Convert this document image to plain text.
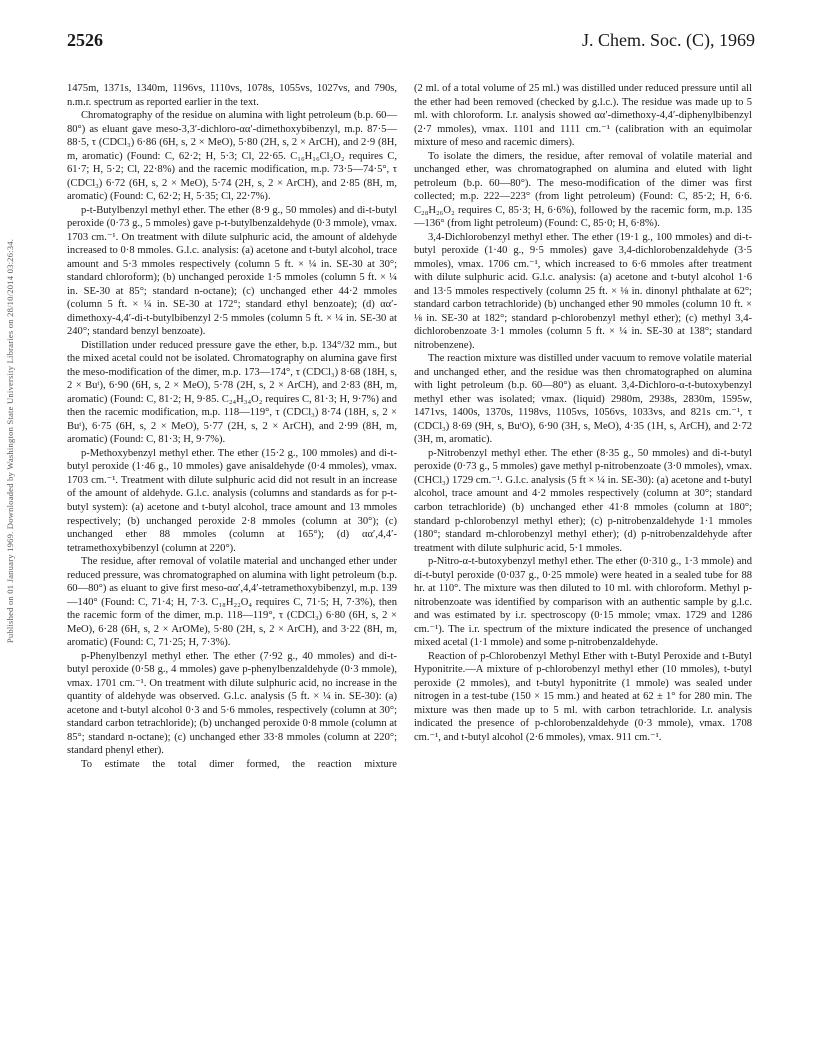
Published on 01 January 1969. Downloaded by Washington State University Libraries on 28/10/2014 03:26:34.
2526	J. Chem. Soc. (C), 1969

1475m, 1371s, 1340m, 1196vs, 1110vs, 1078s, 1055vs, 1027vs, and 790s, n.m.r. spectrum as reported earlier in the text.

Chromatography of the residue on alumina with light petroleum (b.p. 60—80°) as eluant gave meso-3,3′-dichloro-αα′-dimethoxybibenzyl, m.p. 87·5—88·5, τ (CDCl₃) 6·86 (6H, s, 2 × MeO), 5·80 (2H, s, 2 × ArCH), and 2·9 (8H, m, aromatic) (Found: C, 62·2; H, 5·3; Cl, 22·65. C₁₆H₁₆Cl₂O₂ requires C, 61·7; H, 5·2; Cl, 22·8%) and the racemic modification, m.p. 73·5—74·5°, τ (CDCl₃) 6·72 (6H, s, 2 × MeO), 5·74 (2H, s, 2 × ArCH), and 2·85 (8H, m, aromatic) (Found: C, 62·2; H, 5·35; Cl, 22·7%).

p-t-Butylbenzyl methyl ether. The ether (8·9 g., 50 mmoles) and di-t-butyl peroxide (0·73 g., 5 mmoles) gave p-t-butylbenzaldehyde (0·3 mmole), νmax. 1703 cm.⁻¹. On treatment with dilute sulphuric acid, the amount of aldehyde increased to 0·8 mmoles. G.l.c. analysis: (a) acetone and t-butyl alcohol, trace amount and 5·3 mmoles respectively (column 5 ft. × ¼ in. SE-30 at 30°; standard chloroform); (b) unchanged peroxide 1·5 mmoles (column 5 ft. × ¼ in. SE-30 at 85°; standard n-octane); (c) unchanged ether 44·2 mmoles (column 5 ft. × ¼ in. SE-30 at 172°; standard ethyl benzoate); (d) αα′-dimethoxy-4,4′-di-t-butylbibenzyl 2·5 mmoles (column 5 ft. × ¼ in. SE-30 at 240°; standard benzyl benzoate).

Distillation under reduced pressure gave the ether, b.p. 134°/32 mm., but the mixed acetal could not be isolated. Chromatography on alumina gave first the meso-modification of the dimer, m.p. 173—174°, τ (CDCl₃) 8·68 (18H, s, 2 × Buᵗ), 6·90 (6H, s, 2 × MeO), 5·78 (2H, s, 2 × ArCH), and 2·83 (8H, m, aromatic) (Found: C, 81·2; H, 9·85. C₂₄H₃₄O₂ requires C, 81·3; H, 9·7%) and then the racemic modification, m.p. 118—119°, τ (CDCl₃) 8·74 (18H, s, 2 × Buᵗ), 6·75 (6H, s, 2 × MeO), 5·77 (2H, s, 2 × ArCH), and 2·99 (8H, m, aromatic) (Found: C, 81·3; H, 9·7%).

p-Methoxybenzyl methyl ether. The ether (15·2 g., 100 mmoles) and di-t-butyl peroxide (1·46 g., 10 mmoles) gave anisaldehyde (0·4 mmoles), νmax. 1703 cm.⁻¹. Treatment with dilute sulphuric acid did not result in an increase of the amount of aldehyde. G.l.c. analysis (columns and standards as for p-t-butyl system): (a) acetone and t-butyl alcohol, trace amount and 13 mmoles respectively; (b) unchanged peroxide 2·8 mmoles (column at 30°); (c) unchanged ether 88 mmoles (column at 165°); (d) αα′,4,4′-tetramethoxybibenzyl (column at 220°).

The residue, after removal of volatile material and unchanged ether under reduced pressure, was chromatographed on alumina with light petroleum (b.p. 60—80°) as eluant to give first meso-αα′,4,4′-tetramethoxybibenzyl, m.p. 139—140° (Found: C, 71·4; H, 7·3. C₁₈H₂₂O₄ requires C, 71·5; H, 7·3%), then the racemic form of the dimer, m.p. 118—119°, τ (CDCl₃) 6·80 (6H, s, 2 × MeO), 6·28 (6H, s, 2 × ArOMe), 5·80 (2H, s, 2 × ArCH), and 3·22 (8H, m, aromatic) (Found: C, 71·25; H, 7·3%).

p-Phenylbenzyl methyl ether. The ether (7·92 g., 40 mmoles) and di-t-butyl peroxide (0·58 g., 4 mmoles) gave p-phenylbenzaldehyde (0·3 mmole), νmax. 1701 cm.⁻¹. On treatment with dilute sulphuric acid, no increase in the quantity of aldehyde was observed. G.l.c. analysis (5 ft. × ¼ in. SE-30): (a) acetone and t-butyl alcohol 0·3 and 5·6 mmoles, respectively (column at 30°; standard carbon tetrachloride); (b) unchanged peroxide 0·8 mmole (column at 85°; standard n-octane); (c) unchanged ether 33·8 mmoles (column at 220°; standard phenyl ether).

To estimate the total dimer formed, the reaction mixture

(2 ml. of a total volume of 25 ml.) was distilled under reduced pressure until all the ether had been removed (checked by g.l.c.). The residue was made up to 5 ml. with chloroform. I.r. analysis showed αα′-dimethoxy-4,4′-diphenylbibenzyl (2·7 mmoles), νmax. 1101 and 1111 cm.⁻¹ (calibration with an equimolar mixture of meso and racemic dimers).

To isolate the dimers, the residue, after removal of volatile material and unchanged ether, was chromatographed on alumina and eluted with light petroleum (b.p. 60—80°). The meso-modification of the dimer was first collected; m.p. 222—223° (from light petroleum) (Found: C, 85·2; H, 6·6. C₂₈H₂₆O₂ requires C, 85·3; H, 6·6%), followed by the racemic form, m.p. 135—136° (from light petroleum) (Found: C, 85·0; H, 6·8%).

3,4-Dichlorobenzyl methyl ether. The ether (19·1 g., 100 mmoles) and di-t-butyl peroxide (1·40 g., 9·5 mmoles) gave 3,4-dichlorobenzaldehyde (3·5 mmoles), νmax. 1706 cm.⁻¹, which increased to 6·6 mmoles after treatment with dilute sulphuric acid. G.l.c. analysis: (a) acetone and t-butyl alcohol 1·6 and 13·5 mmoles respectively (column 25 ft. × ⅛ in. dinonyl phthalate at 62°; standard carbon tetrachloride) (b) unchanged ether 90 mmoles (column 10 ft. × ⅛ in. SE-30 at 182°; standard p-chlorobenzyl methyl ether); (c) methyl 3,4-dichlorobenzoate 3·1 mmoles (column 5 ft. × ¼ in. SE-30 at 138°; standard nitrobenzene).

The reaction mixture was distilled under vacuum to remove volatile material and unchanged ether, and the residue was then chromatographed on alumina with light petroleum (b.p. 60—80°) as eluant. 3,4-Dichloro-α-t-butoxybenzyl methyl ether was isolated; νmax. (liquid) 2980m, 2938s, 2830m, 1595w, 1471vs, 1400s, 1370s, 1198vs, 1105vs, 1056vs, 1033vs, and 821s cm.⁻¹, τ (CDCl₃) 8·69 (9H, s, BuᵗO), 6·90 (3H, s, MeO), 4·35 (1H, s, ArCH), and 2·72 (3H, m, aromatic).

p-Nitrobenzyl methyl ether. The ether (8·35 g., 50 mmoles) and di-t-butyl peroxide (0·73 g., 5 mmoles) gave methyl p-nitrobenzoate (3·0 mmoles), νmax. (CHCl₃) 1729 cm.⁻¹. G.l.c. analysis (5 ft × ¼ in. SE-30): (a) acetone and t-butyl alcohol, trace amount and 4·2 mmoles respectively (column at 30°; standard carbon tetrachloride) (b) unchanged ether 41·8 mmoles (column at 180°; standard p-chlorobenzyl methyl ether); (c) p-nitrobenzaldehyde 1·1 mmoles (180°; standard m-chlorobenzyl methyl ether); (d) p-nitrobenzaldehyde after treatment with dilute sulphuric acid, 5·1 mmoles.

p-Nitro-α-t-butoxybenzyl methyl ether. The ether (0·310 g., 1·3 mmole) and di-t-butyl peroxide (0·037 g., 0·25 mmole) were heated in a sealed tube for 88 hr. at 110°. The mixture was then diluted to 10 ml. with chloroform. Methyl p-nitrobenzoate was identified by comparison with an authentic sample by g.l.c. and was estimated by i.r. spectroscopy (0·15 mmole; νmax. 1729 and 1286 cm.⁻¹). The i.r. spectrum of the mixture indicated the presence of unchanged mixed acetal (1·1 mmole) and some p-nitrobenzaldehyde.

Reaction of p-Chlorobenzyl Methyl Ether with t-Butyl Peroxide and t-Butyl Hyponitrite.—A mixture of p-chlorobenzyl methyl ether (10 mmoles), t-butyl peroxide (2 mmoles), and t-butyl hyponitrite (1 mmole) was sealed under nitrogen in a test-tube (150 × 15 mm.) and heated at 62 ± 1° for 280 min. The mixture was then made up to 5 ml. with carbon tetrachloride. I.r. analysis indicated the presence of p-chlorobenzaldehyde (0·3 mmole), νmax. 1708 cm.⁻¹, and t-butyl alcohol (2·6 mmoles), νmax. 911 cm.⁻¹.
